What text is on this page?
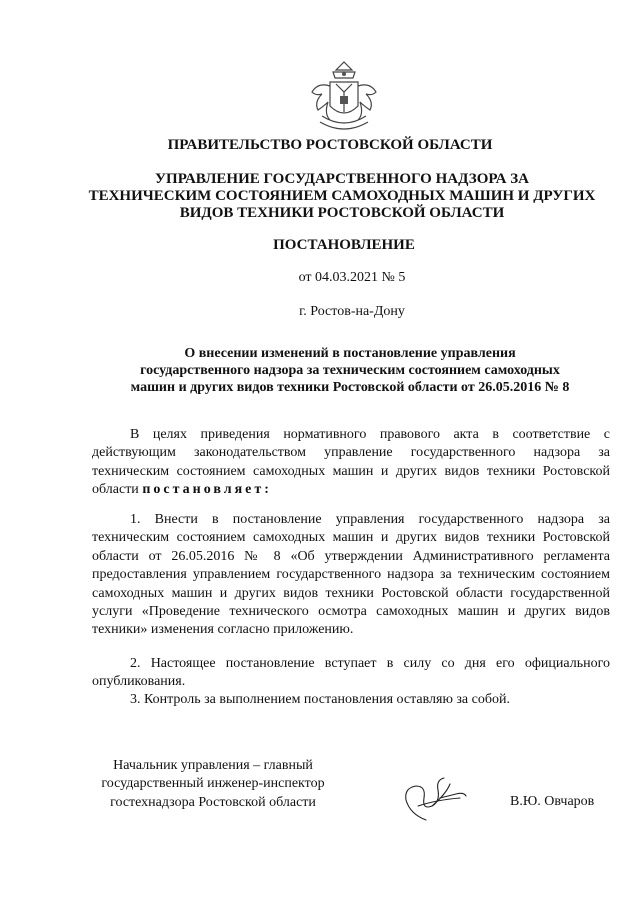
ПРАВИТЕЛЬСТВО РОСТОВСКОЙ ОБЛАСТИ
УПРАВЛЕНИЕ ГОСУДАРСТВЕННОГО НАДЗОРА ЗА
ТЕХНИЧЕСКИМ СОСТОЯНИЕМ САМОХОДНЫХ МАШИН И ДРУГИХ
ВИДОВ ТЕХНИКИ РОСТОВСКОЙ ОБЛАСТИ
ПОСТАНОВЛЕНИЕ
от 04.03.2021 № 5
г. Ростов-на-Дону
О внесении изменений в постановление управления
государственного надзора за техническим состоянием самоходных
машин и других видов техники Ростовской области от 26.05.2016 № 8
В целях приведения нормативного правового акта в соответствие с действующим законодательством управление государственного надзора за техническим состоянием самоходных машин и других видов техники Ростовской области постановляет:
1. Внести в постановление управления государственного надзора за техническим состоянием самоходных машин и других видов техники Ростовской области от 26.05.2016 № 8 «Об утверждении Административного регламента предоставления управлением государственного надзора за техническим состоянием самоходных машин и других видов техники Ростовской области государственной услуги «Проведение технического осмотра самоходных машин и других видов техники» изменения согласно приложению.
2. Настоящее постановление вступает в силу со дня его официального опубликования.
3. Контроль за выполнением постановления оставляю за собой.
Начальник управления – главный
государственный инженер-инспектор
гостехнадзора Ростовской области	В.Ю. Овчаров
